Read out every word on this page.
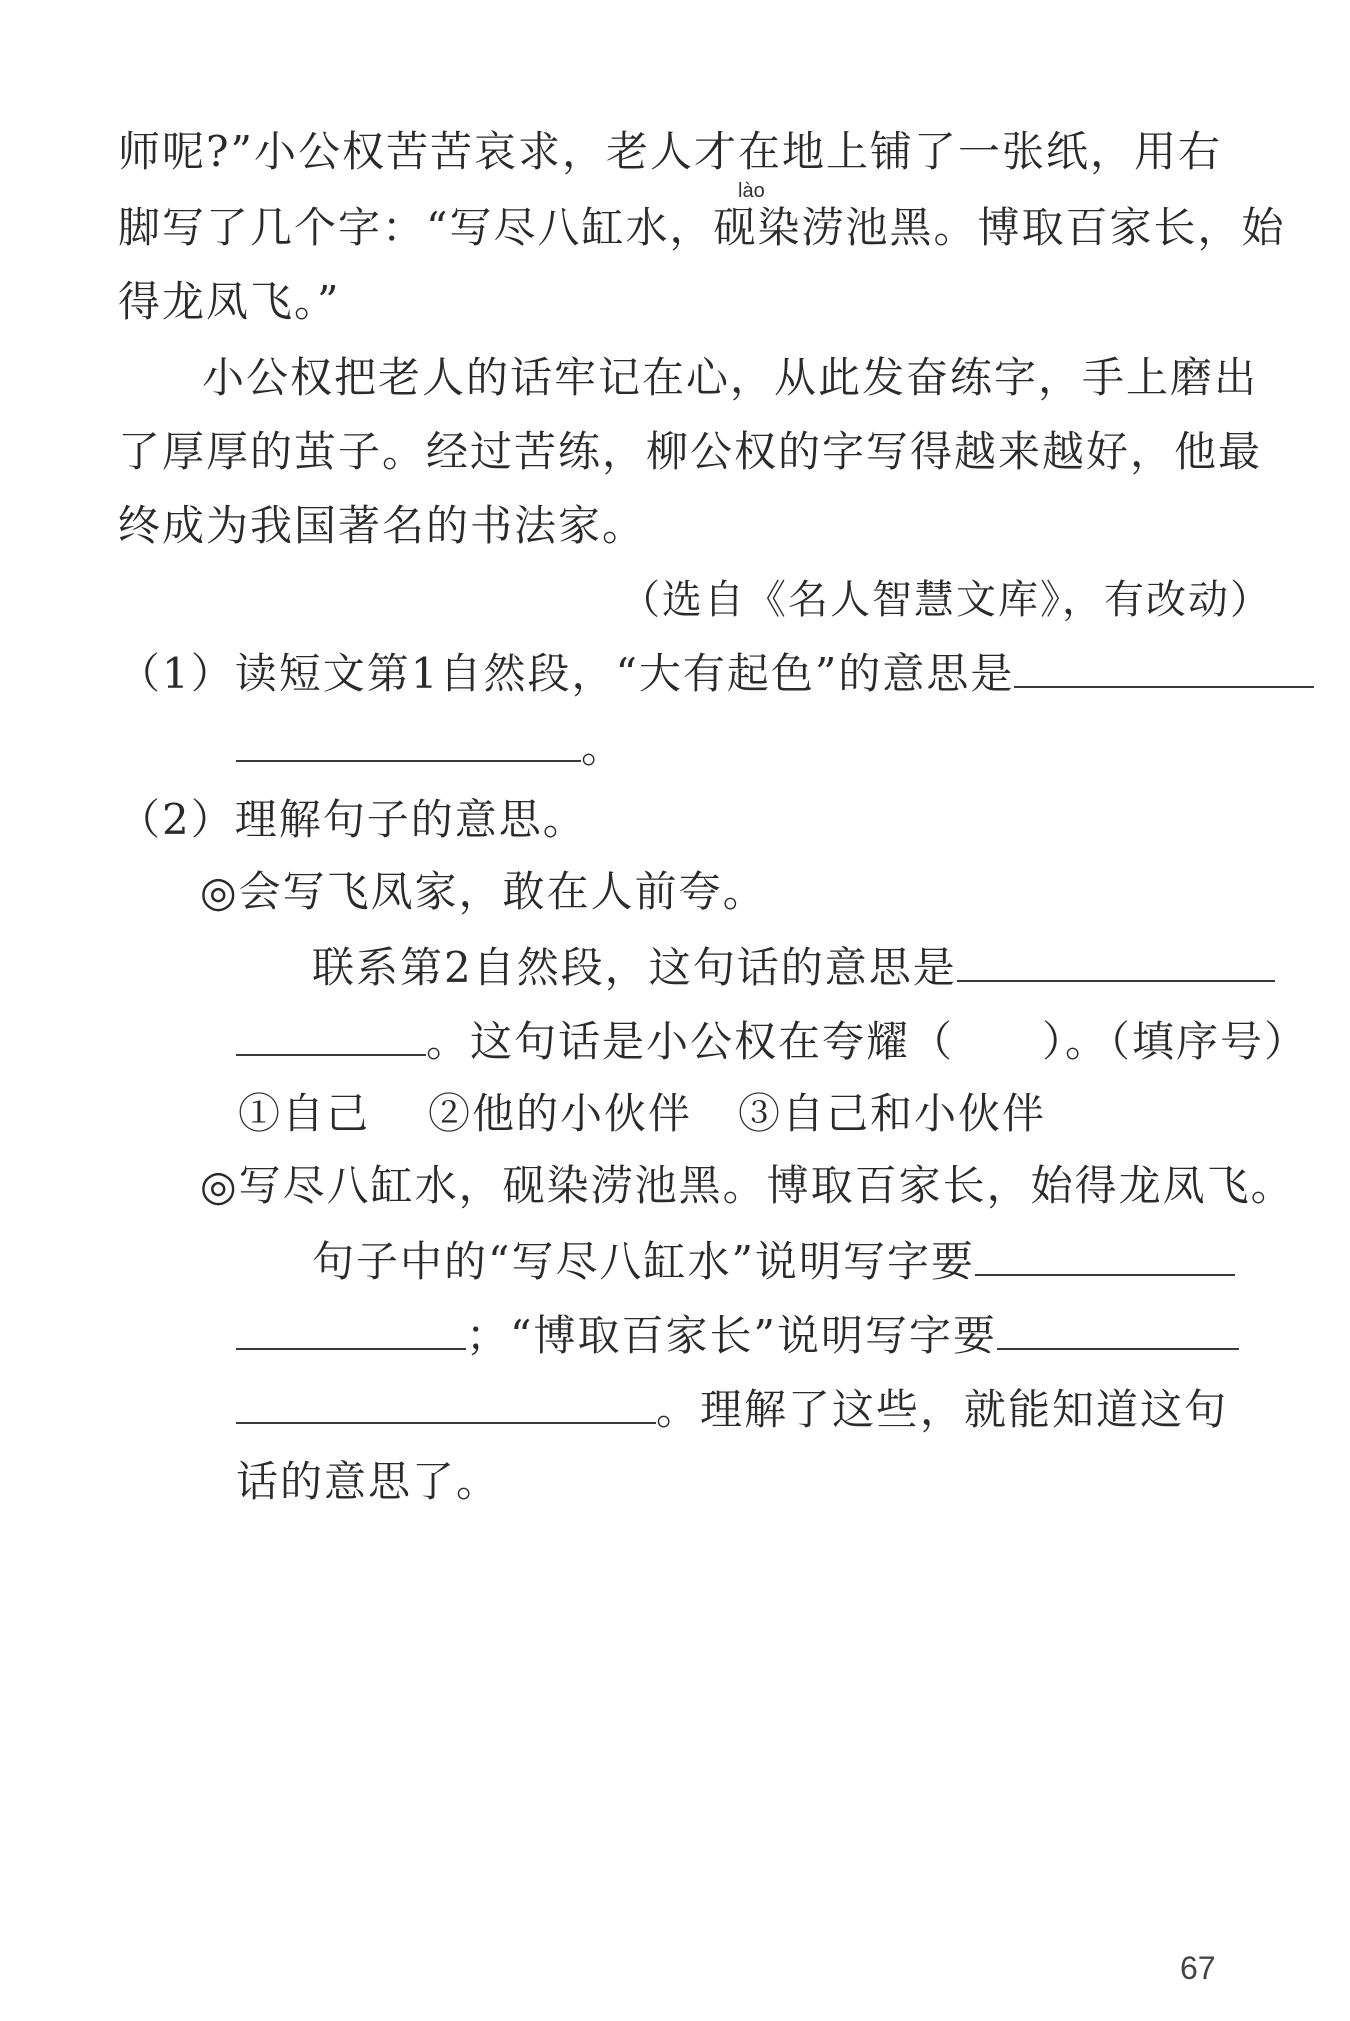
lào
师呢?”小公权苦苦哀求，老人才在地上铺了一张纸，用右
脚写了几个字：“写尽八缸水，砚染涝池黑。博取百家长，始
得龙凤飞。”
小公权把老人的话牢记在心，从此发奋练字，手上磨出
了厚厚的茧子。经过苦练，柳公权的字写得越来越好，他最
终成为我国著名的书法家。
（选自《名人智慧文库》，有改动）
（1）读短文第1自然段，“大有起色”的意思是
。
（2）理解句子的意思。
◎会写飞凤家，敢在人前夸。
联系第2自然段，这句话的意思是
。这句话是小公权在夸耀（　　）。（填序号）
①自己 ②他的小伙伴 ③自己和小伙伴
◎写尽八缸水，砚染涝池黑。博取百家长，始得龙凤飞。
句子中的“写尽八缸水”说明写字要
；“博取百家长”说明写字要
。理解了这些，就能知道这句
话的意思了。
67
